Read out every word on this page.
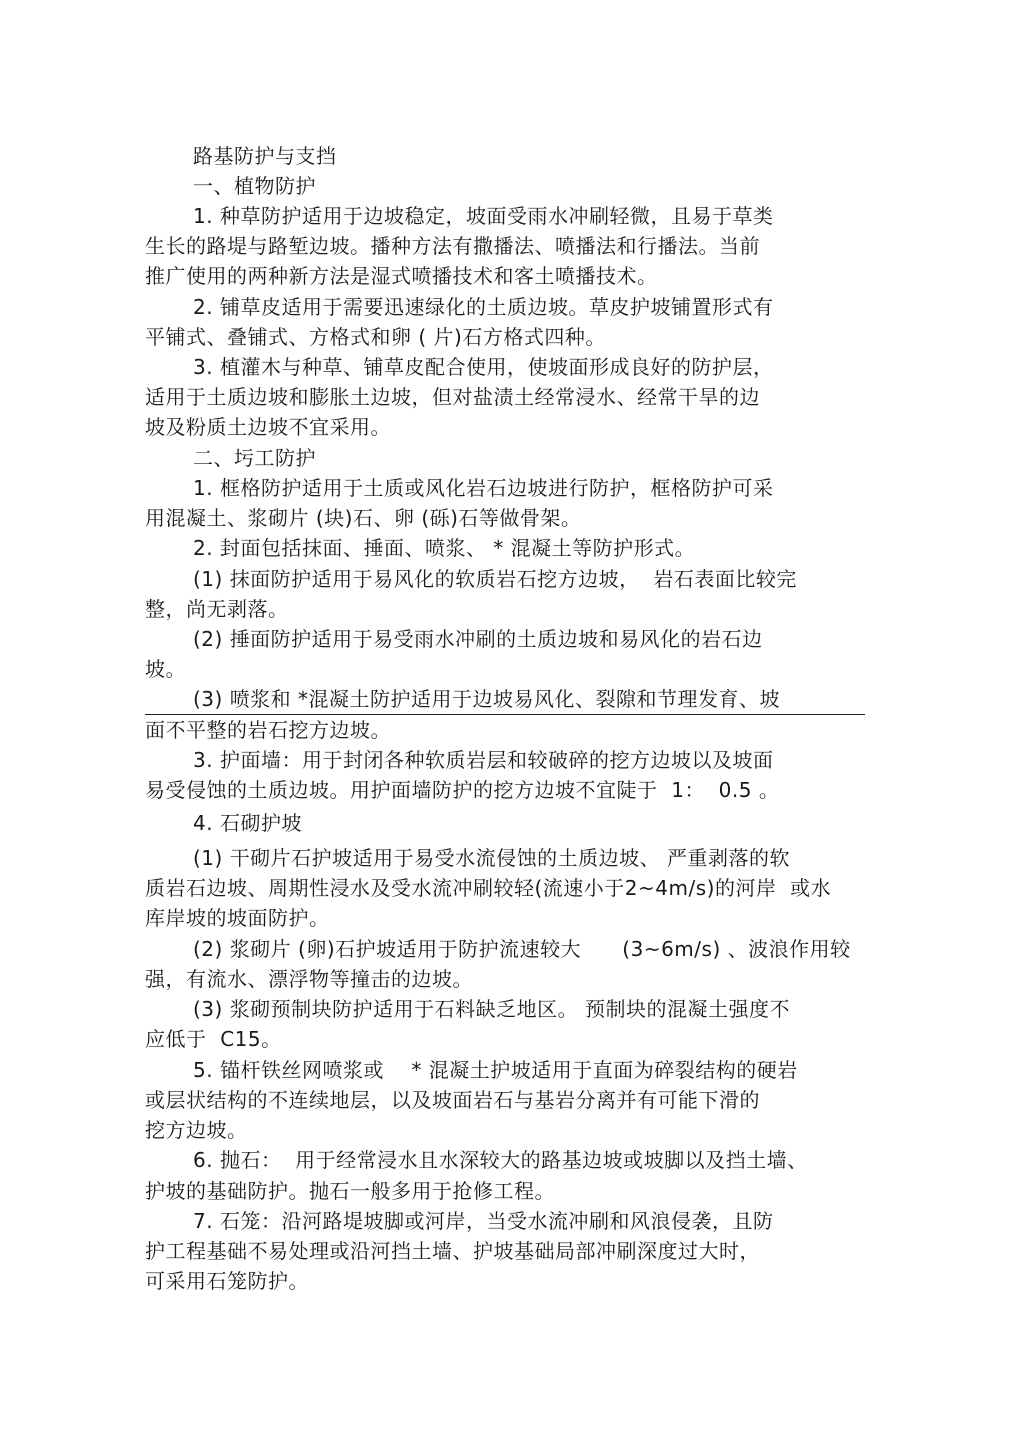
路基防护与支挡
一、植物防护
1. 种草防护适用于边坡稳定，坡面受雨水冲刷轻微，且易于草类
生长的路堤与路堑边坡。播种方法有撒播法、喷播法和行播法。当前
推广使用的两种新方法是湿式喷播技术和客土喷播技术。
2. 铺草皮适用于需要迅速绿化的土质边坡。草皮护坡铺置形式有
平铺式、叠铺式、方格式和卵 ( 片)石方格式四种。
3. 植灌木与种草、铺草皮配合使用，使坡面形成良好的防护层，
适用于土质边坡和膨胀土边坡，但对盐渍土经常浸水、经常干旱的边
坡及粉质土边坡不宜采用。
二、圬工防护
1. 框格防护适用于土质或风化岩石边坡进行防护，框格防护可采
用混凝土、浆砌片 (块)石、卵 (砾)石等做骨架。
2. 封面包括抹面、捶面、喷浆、 * 混凝土等防护形式。
(1) 抹面防护适用于易风化的软质岩石挖方边坡，  岩石表面比较完
整，尚无剥落。
(2) 捶面防护适用于易受雨水冲刷的土质边坡和易风化的岩石边
坡。
(3) 喷浆和 *混凝土防护适用于边坡易风化、裂隙和节理发育、坡
面不平整的岩石挖方边坡。
3. 护面墙：用于封闭各种软质岩层和较破碎的挖方边坡以及坡面
易受侵蚀的土质边坡。用护面墙防护的挖方边坡不宜陡于  1：  0.5 。
4. 石砌护坡
(1) 干砌片石护坡适用于易受水流侵蚀的土质边坡、 严重剥落的软
质岩石边坡、周期性浸水及受水流冲刷较轻(流速小于2~4m/s)的河岸  或水
库岸坡的坡面防护。
(2) 浆砌片 (卵)石护坡适用于防护流速较大      (3~6m/s) 、波浪作用较
强，有流水、漂浮物等撞击的边坡。
(3) 浆砌预制块防护适用于石料缺乏地区。 预制块的混凝土强度不
应低于  C15。
5. 锚杆铁丝网喷浆或    * 混凝土护坡适用于直面为碎裂结构的硬岩
或层状结构的不连续地层，以及坡面岩石与基岩分离并有可能下滑的
挖方边坡。
6. 抛石：  用于经常浸水且水深较大的路基边坡或坡脚以及挡土墙、
护坡的基础防护。抛石一般多用于抢修工程。
7. 石笼：沿河路堤坡脚或河岸，当受水流冲刷和风浪侵袭，且防
护工程基础不易处理或沿河挡土墙、护坡基础局部冲刷深度过大时，
可采用石笼防护。
